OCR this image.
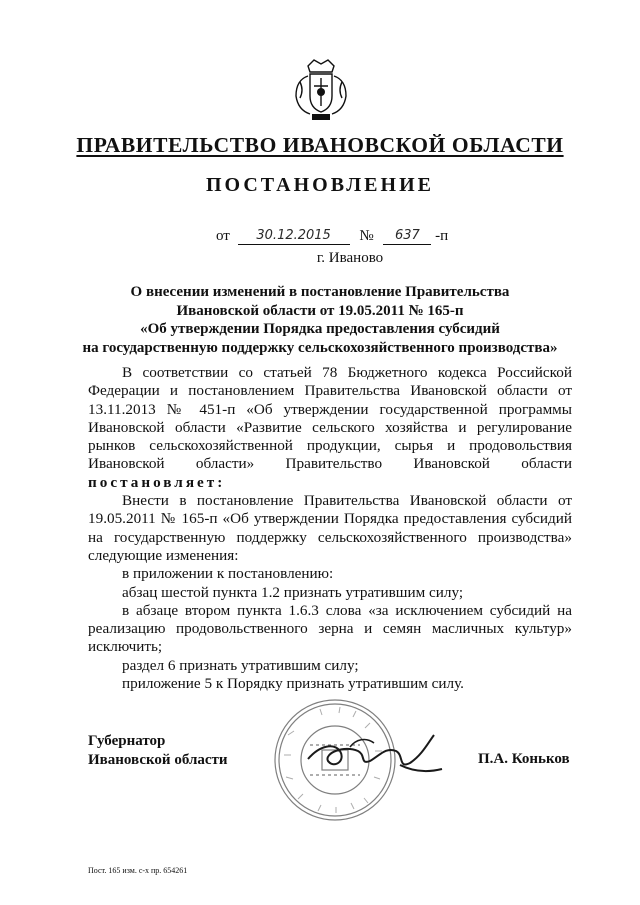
ПРАВИТЕЛЬСТВО ИВАНОВСКОЙ ОБЛАСТИ
ПОСТАНОВЛЕНИЕ
от 30.12.2015 № 637 -п
г. Иваново
О внесении изменений в постановление Правительства
Ивановской области от 19.05.2011 № 165-п
«Об утверждении Порядка предоставления субсидий
на государственную поддержку сельскохозяйственного производства»

В соответствии со статьей 78 Бюджетного кодекса Российской Федерации и постановлением Правительства Ивановской области от 13.11.2013 № 451-п «Об утверждении государственной программы Ивановской области «Развитие сельского хозяйства и регулирование рынков сельскохозяйственной продукции, сырья и продовольствия Ивановской области» Правительство Ивановской области постановляет:

Внести в постановление Правительства Ивановской области от 19.05.2011 № 165-п «Об утверждении Порядка предоставления субсидий на государственную поддержку сельскохозяйственного производства» следующие изменения:

в приложении к постановлению:

абзац шестой пункта 1.2 признать утратившим силу;

в абзаце втором пункта 1.6.3 слова «за исключением субсидий на реализацию продовольственного зерна и семян масличных культур» исключить;

раздел 6 признать утратившим силу;

приложение 5 к Порядку признать утратившим силу.

Губернатор
Ивановской области	П.А. Коньков
Пост. 165 изм. с-х пр. 654261
